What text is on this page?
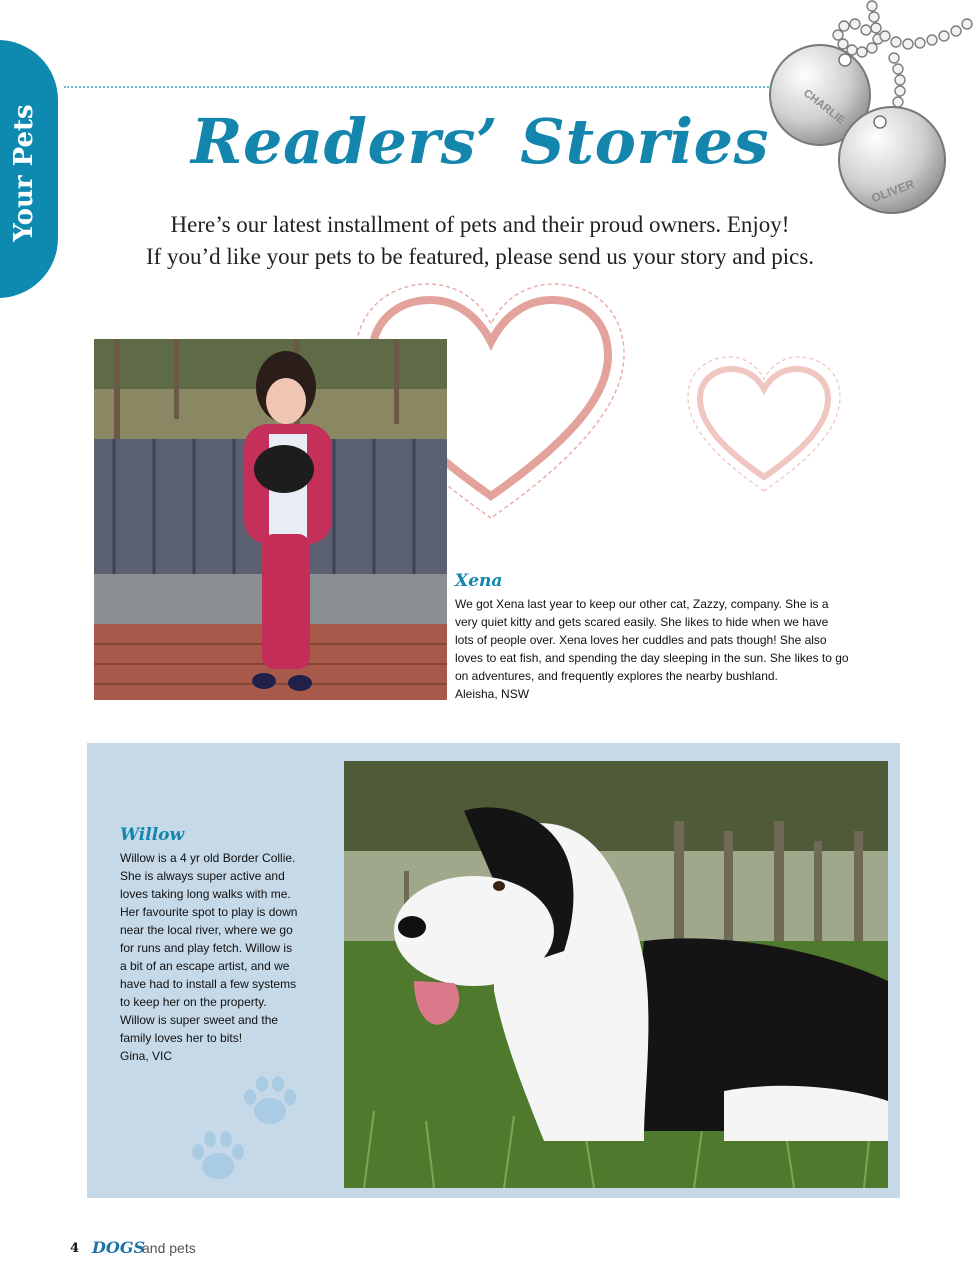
Your Pets	CHARLIE
OLIVER
Readers’ Stories
Here’s our latest installment of pets and their proud owners. Enjoy!
If you’d like your pets to be featured, please send us your story and pics.
Xena
We got Xena last year to keep our other cat, Zazzy, company. She is a
very quiet kitty and gets scared easily. She likes to hide when we have
lots of people over. Xena loves her cuddles and pats though! She also
loves to eat fish, and spending the day sleeping in the sun. She likes to go
on adventures, and frequently explores the nearby bushland.
Aleisha, NSW
Willow
Willow is a 4 yr old Border Collie.
She is always super active and
loves taking long walks with me.
Her favourite spot to play is down
near the local river, where we go
for runs and play fetch. Willow is
a bit of an escape artist, and we
have had to install a few systems
to keep her on the property.
Willow is super sweet and the
family loves her to bits!
Gina, VIC
4 DOGS
and pets
